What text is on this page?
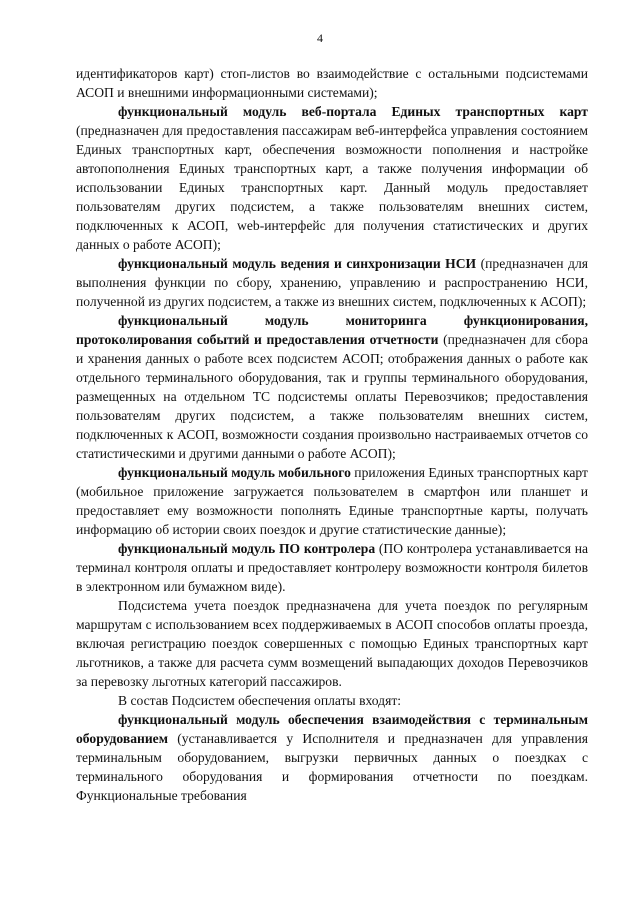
4

идентификаторов карт) стоп-листов во взаимодействие с остальными подсистемами АСОП и внешними информационными системами);

функциональный модуль веб-портала Единых транспортных карт (предназначен для предоставления пассажирам веб-интерфейса управления состоянием Единых транспортных карт, обеспечения возможности пополнения и настройке автопополнения Единых транспортных карт, а также получения информации об использовании Единых транспортных карт. Данный модуль предоставляет пользователям других подсистем, а также пользователям внешних систем, подключенных к АСОП, web-интерфейс для получения статистических и других данных о работе АСОП);

функциональный модуль ведения и синхронизации НСИ (предназначен для выполнения функции по сбору, хранению, управлению и распространению НСИ, полученной из других подсистем, а также из внешних систем, подключенных к АСОП);

функциональный модуль мониторинга функционирования, протоколирования событий и предоставления отчетности (предназначен для сбора и хранения данных о работе всех подсистем АСОП; отображения данных о работе как отдельного терминального оборудования, так и группы терминального оборудования, размещенных на отдельном ТС подсистемы оплаты Перевозчиков; предоставления пользователям других подсистем, а также пользователям внешних систем, подключенных к АСОП, возможности создания произвольно настраиваемых отчетов со статистическими и другими данными о работе АСОП);

функциональный модуль мобильного приложения Единых транспортных карт (мобильное приложение загружается пользователем в смартфон или планшет и предоставляет ему возможности пополнять Единые транспортные карты, получать информацию об истории своих поездок и другие статистические данные);

функциональный модуль ПО контролера (ПО контролера устанавливается на терминал контроля оплаты и предоставляет контролеру возможности контроля билетов в электронном или бумажном виде).

Подсистема учета поездок предназначена для учета поездок по регулярным маршрутам с использованием всех поддерживаемых в АСОП способов оплаты проезда, включая регистрацию поездок совершенных с помощью Единых транспортных карт льготников, а также для расчета сумм возмещений выпадающих доходов Перевозчиков за перевозку льготных категорий пассажиров.

В состав Подсистем обеспечения оплаты входят:

функциональный модуль обеспечения взаимодействия с терминальным оборудованием (устанавливается у Исполнителя и предназначен для управления терминальным оборудованием, выгрузки первичных данных о поездках с терминального оборудования и формирования отчетности по поездкам. Функциональные требования
